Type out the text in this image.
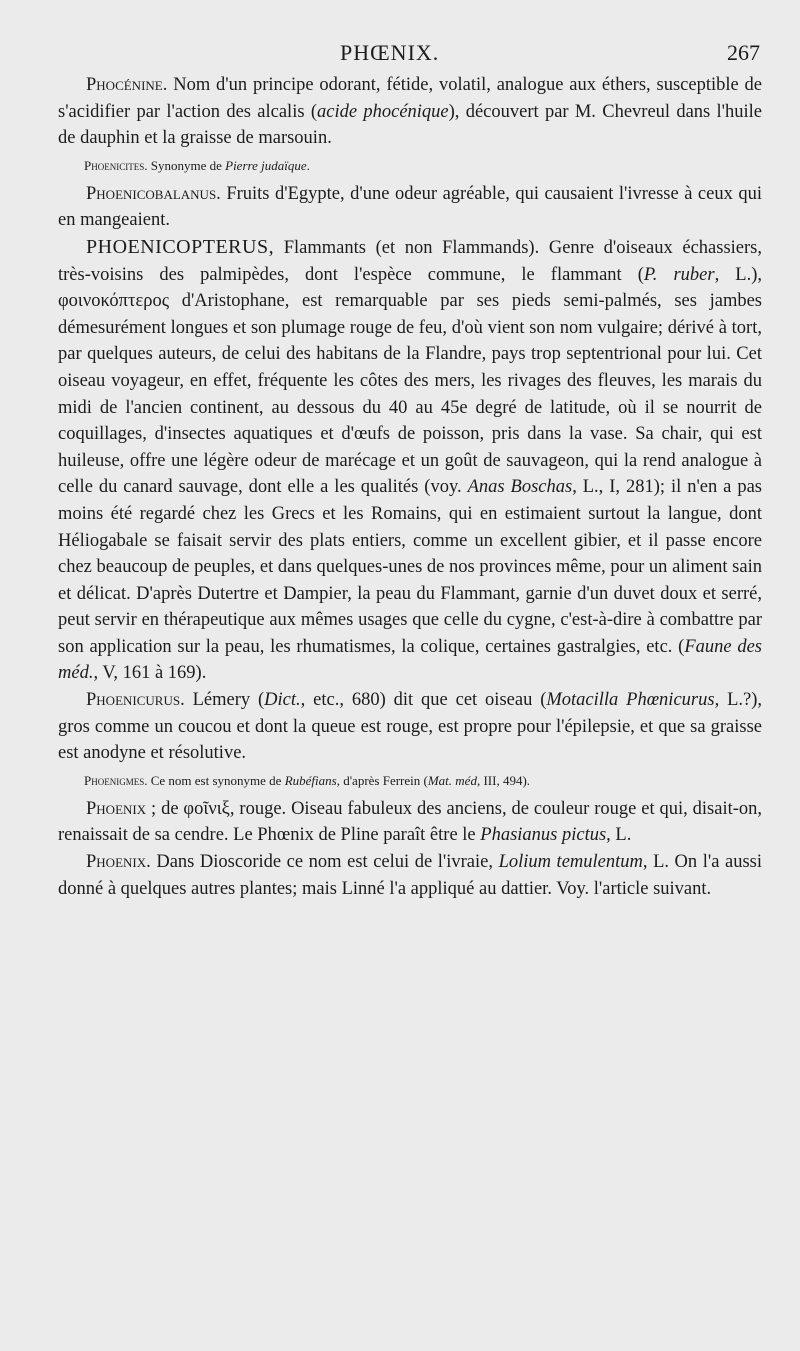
PHŒNIX.	267

Phocénine. Nom d'un principe odorant, fétide, volatil, analogue aux éthers, susceptible de s'acidifier par l'action des alcalis (acide phocénique), découvert par M. Chevreul dans l'huile de dauphin et la graisse de marsouin.

Phoenicites. Synonyme de Pierre judaïque.

Phoenicobalanus. Fruits d'Egypte, d'une odeur agréable, qui causaient l'ivresse à ceux qui en mangeaient.

PHOENICOPTERUS, Flammants (et non Flammands). Genre d'oiseaux échassiers, très-voisins des palmipèdes, dont l'espèce commune, le flammant (P. ruber, L.), φοινοκόπτερος d'Aristophane, est remarquable par ses pieds semi-palmés, ses jambes démesurément longues et son plumage rouge de feu, d'où vient son nom vulgaire; dérivé à tort, par quelques auteurs, de celui des habitans de la Flandre, pays trop septentrional pour lui. Cet oiseau voyageur, en effet, fréquente les côtes des mers, les rivages des fleuves, les marais du midi de l'ancien continent, au dessous du 40 au 45e degré de latitude, où il se nourrit de coquillages, d'insectes aquatiques et d'œufs de poisson, pris dans la vase. Sa chair, qui est huileuse, offre une légère odeur de marécage et un goût de sauvageon, qui la rend analogue à celle du canard sauvage, dont elle a les qualités (voy. Anas Boschas, L., I, 281); il n'en a pas moins été regardé chez les Grecs et les Romains, qui en estimaient surtout la langue, dont Héliogabale se faisait servir des plats entiers, comme un excellent gibier, et il passe encore chez beaucoup de peuples, et dans quelques-unes de nos provinces même, pour un aliment sain et délicat. D'après Dutertre et Dampier, la peau du Flammant, garnie d'un duvet doux et serré, peut servir en thérapeutique aux mêmes usages que celle du cygne, c'est-à-dire à combattre par son application sur la peau, les rhumatismes, la colique, certaines gastralgies, etc. (Faune des méd., V, 161 à 169).

Phoenicurus. Lémery (Dict., etc., 680) dit que cet oiseau (Motacilla Phœnicurus, L.?), gros comme un coucou et dont la queue est rouge, est propre pour l'épilepsie, et que sa graisse est anodyne et résolutive.

Phoenigmes. Ce nom est synonyme de Rubéfians, d'après Ferrein (Mat. méd, III, 494).

Phoenix ; de φοῖνιξ, rouge. Oiseau fabuleux des anciens, de couleur rouge et qui, disait-on, renaissait de sa cendre. Le Phœnix de Pline paraît être le Phasianus pictus, L.

Phoenix. Dans Dioscoride ce nom est celui de l'ivraie, Lolium temulentum, L. On l'a aussi donné à quelques autres plantes; mais Linné l'a appliqué au dattier. Voy. l'article suivant.
